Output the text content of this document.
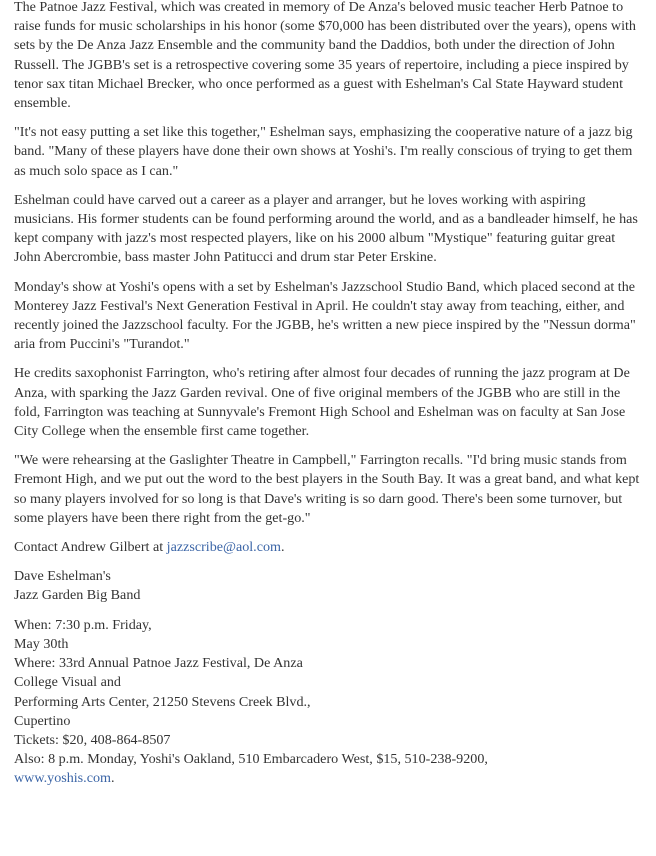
The Patnoe Jazz Festival, which was created in memory of De Anza's beloved music teacher Herb Patnoe to raise funds for music scholarships in his honor (some $70,000 has been distributed over the years), opens with sets by the De Anza Jazz Ensemble and the community band the Daddios, both under the direction of John Russell. The JGBB's set is a retrospective covering some 35 years of repertoire, including a piece inspired by tenor sax titan Michael Brecker, who once performed as a guest with Eshelman's Cal State Hayward student ensemble.

"It's not easy putting a set like this together," Eshelman says, emphasizing the cooperative nature of a jazz big band. "Many of these players have done their own shows at Yoshi's. I'm really conscious of trying to get them as much solo space as I can."

Eshelman could have carved out a career as a player and arranger, but he loves working with aspiring musicians. His former students can be found performing around the world, and as a bandleader himself, he has kept company with jazz's most respected players, like on his 2000 album "Mystique" featuring guitar great John Abercrombie, bass master John Patitucci and drum star Peter Erskine.

Monday's show at Yoshi's opens with a set by Eshelman's Jazzschool Studio Band, which placed second at the Monterey Jazz Festival's Next Generation Festival in April. He couldn't stay away from teaching, either, and recently joined the Jazzschool faculty. For the JGBB, he's written a new piece inspired by the "Nessun dorma" aria from Puccini's "Turandot."

He credits saxophonist Farrington, who's retiring after almost four decades of running the jazz program at De Anza, with sparking the Jazz Garden revival. One of five original members of the JGBB who are still in the fold, Farrington was teaching at Sunnyvale's Fremont High School and Eshelman was on faculty at San Jose City College when the ensemble first came together.

"We were rehearsing at the Gaslighter Theatre in Campbell," Farrington recalls. "I'd bring music stands from Fremont High, and we put out the word to the best players in the South Bay. It was a great band, and what kept so many players involved for so long is that Dave's writing is so darn good. There's been some turnover, but some players have been there right from the get-go."

Contact Andrew Gilbert at jazzscribe@aol.com.

Dave Eshelman's

Jazz Garden Big Band

When: 7:30 p.m. Friday,

May 30th

Where: 33rd Annual Patnoe Jazz Festival, De Anza

College Visual and

Performing Arts Center, 21250 Stevens Creek Blvd.,

Cupertino

Tickets: $20, 408-864-8507

Also: 8 p.m. Monday, Yoshi's Oakland, 510 Embarcadero West, $15, 510-238-9200,

www.yoshis.com.
